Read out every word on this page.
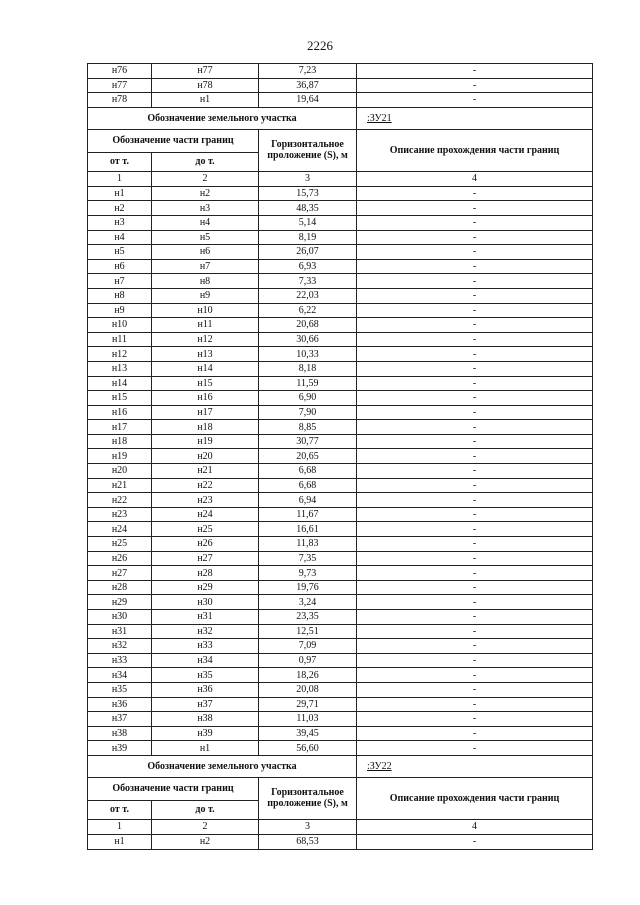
2226
н76	н77	7,23	-
н77	н78	36,87	-
н78	н1	19,64	-
Обозначение земельного участка			:ЗУ21
Обозначение части границ		Горизонтальное проложение (S), м	Описание прохождения части границ
от т.	до т.		
1	2	3	4
н1	н2	15,73	-
н2	н3	48,35	-
н3	н4	5,14	-
н4	н5	8,19	-
н5	н6	26,07	-
н6	н7	6,93	-
н7	н8	7,33	-
н8	н9	22,03	-
н9	н10	6,22	-
н10	н11	20,68	-
н11	н12	30,66	-
н12	н13	10,33	-
н13	н14	8,18	-
н14	н15	11,59	-
н15	н16	6,90	-
н16	н17	7,90	-
н17	н18	8,85	-
н18	н19	30,77	-
н19	н20	20,65	-
н20	н21	6,68	-
н21	н22	6,68	-
н22	н23	6,94	-
н23	н24	11,67	-
н24	н25	16,61	-
н25	н26	11,83	-
н26	н27	7,35	-
н27	н28	9,73	-
н28	н29	19,76	-
н29	н30	3,24	-
н30	н31	23,35	-
н31	н32	12,51	-
н32	н33	7,09	-
н33	н34	0,97	-
н34	н35	18,26	-
н35	н36	20,08	-
н36	н37	29,71	-
н37	н38	11,03	-
н38	н39	39,45	-
н39	н1	56,60	-
Обозначение земельного участка			:ЗУ22
Обозначение части границ		Горизонтальное проложение (S), м	Описание прохождения части границ
от т.	до т.		
1	2	3	4
н1	н2	68,53	-
